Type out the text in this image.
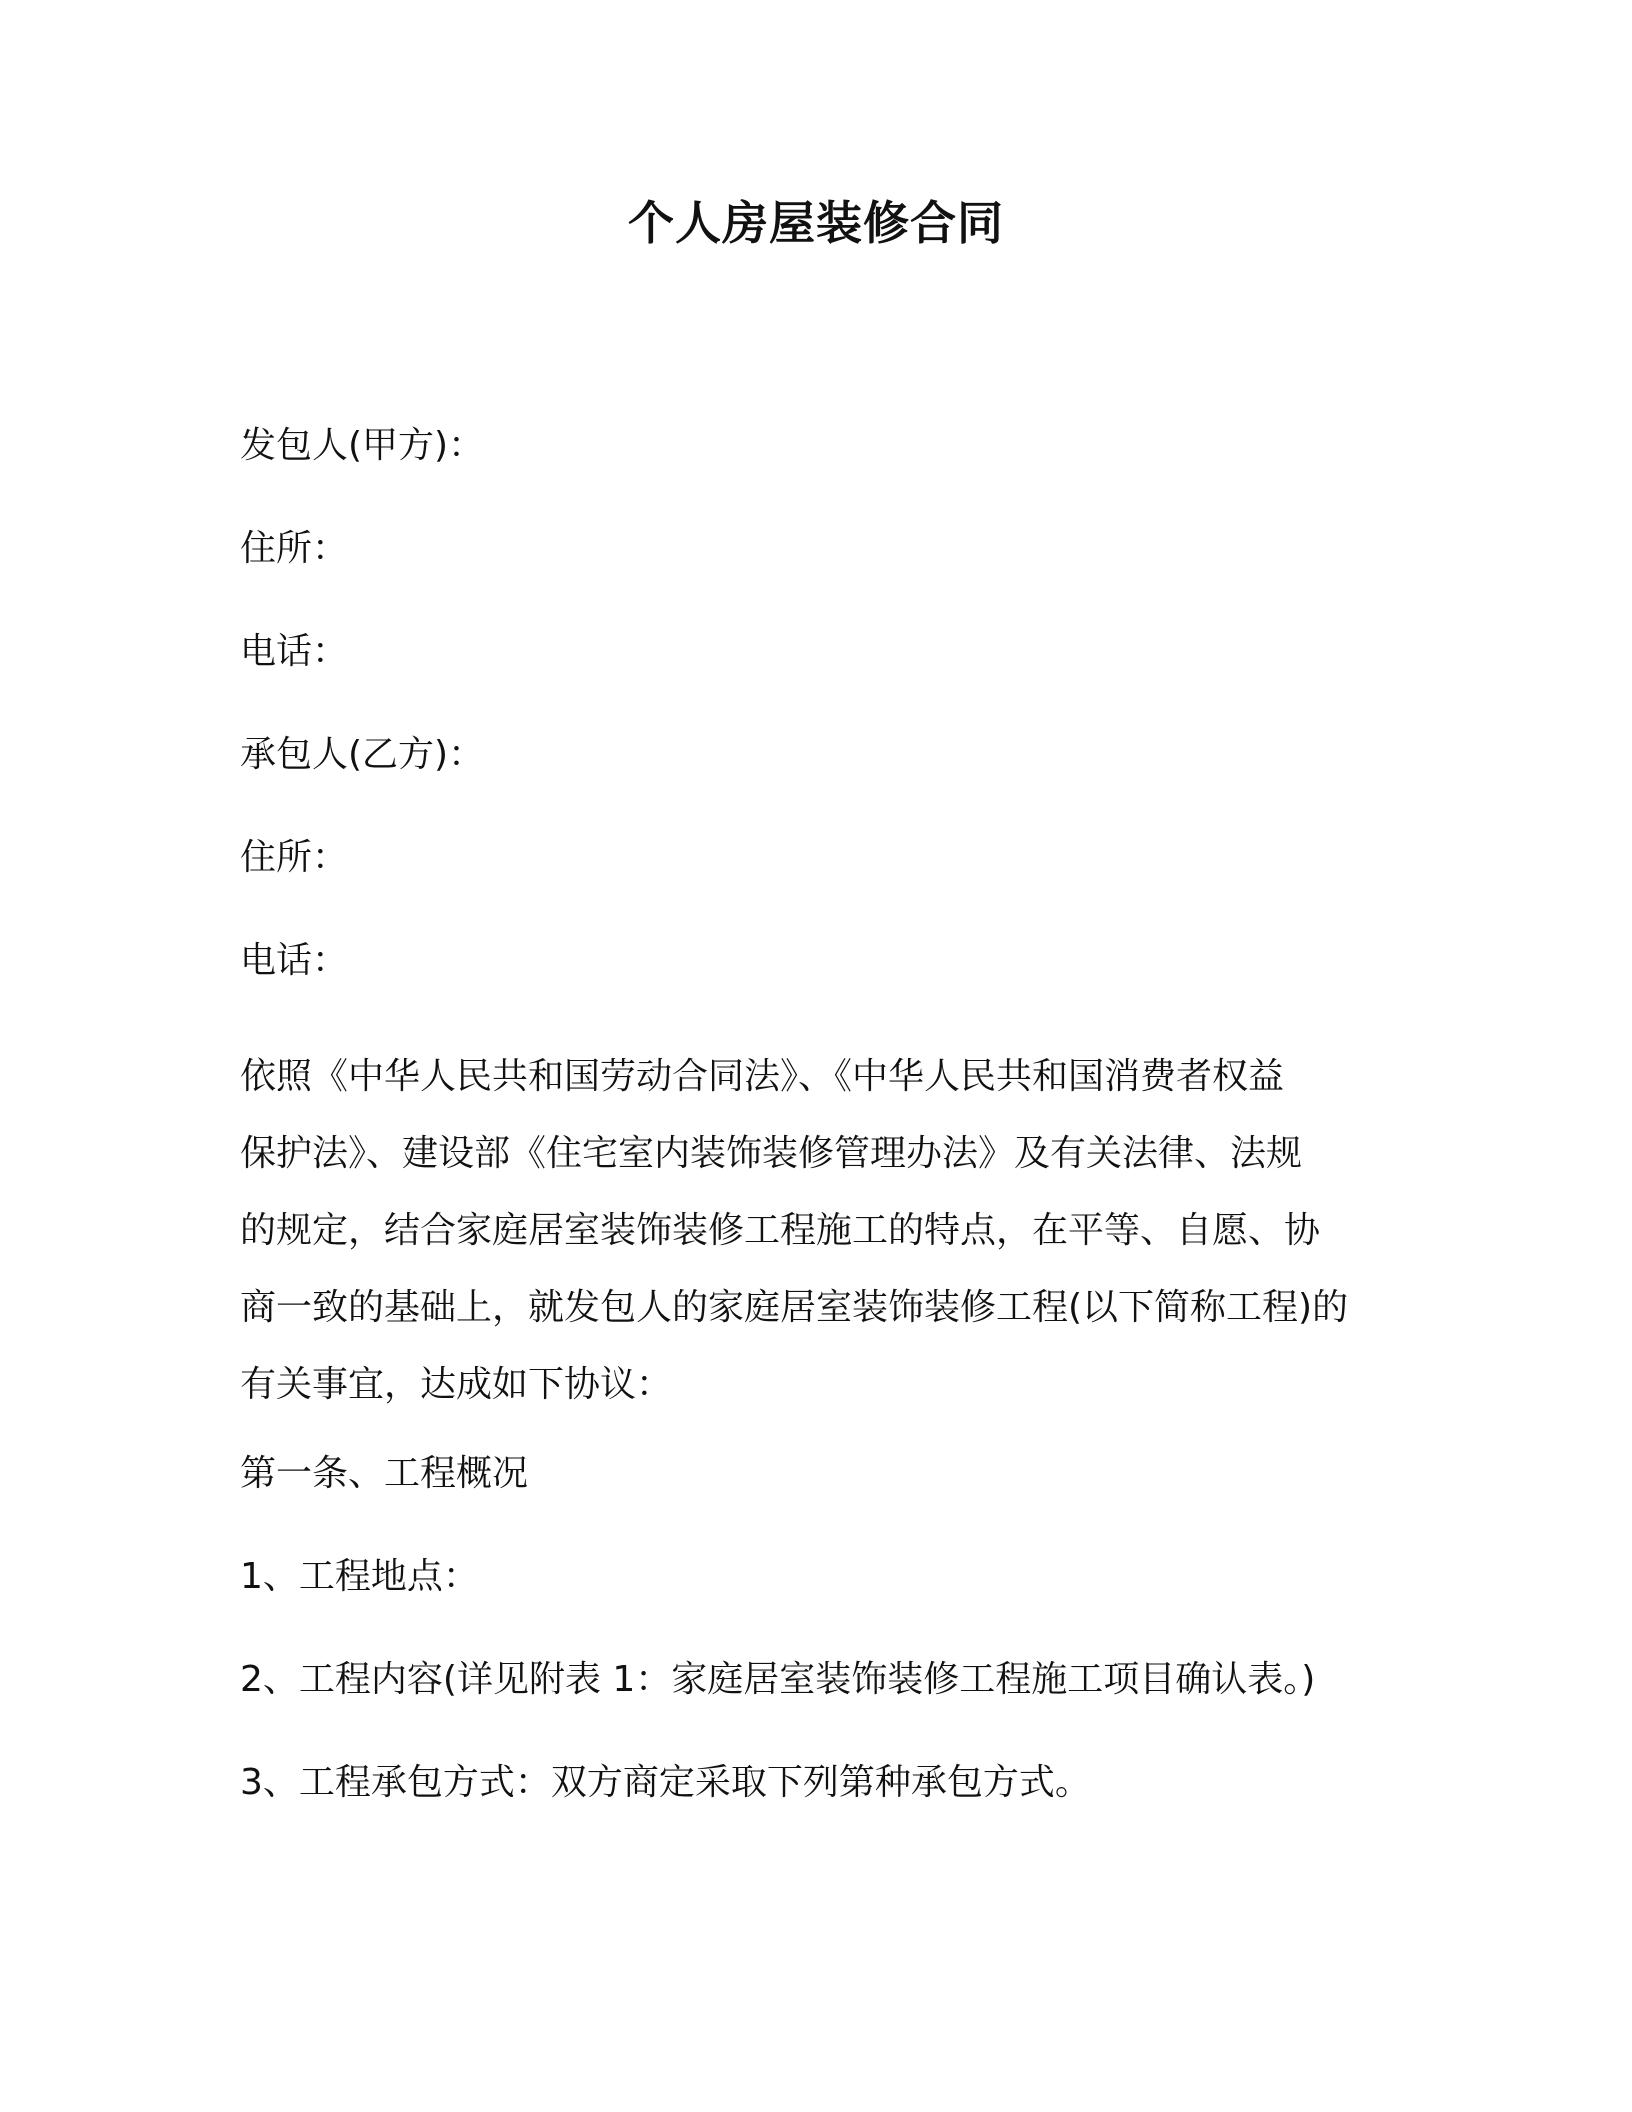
个人房屋装修合同
发包人(甲方)：
住所：
电话：
承包人(乙方)：
住所：
电话：
依照《中华人民共和国劳动合同法》、《中华人民共和国消费者权益
保护法》、建设部《住宅室内装饰装修管理办法》及有关法律、法规
的规定，结合家庭居室装饰装修工程施工的特点，在平等、自愿、协
商一致的基础上，就发包人的家庭居室装饰装修工程(以下简称工程)的
有关事宜，达成如下协议：
第一条、工程概况
1、工程地点：
2、工程内容(详见附表 1：家庭居室装饰装修工程施工项目确认表。)
3、工程承包方式：双方商定采取下列第种承包方式。
